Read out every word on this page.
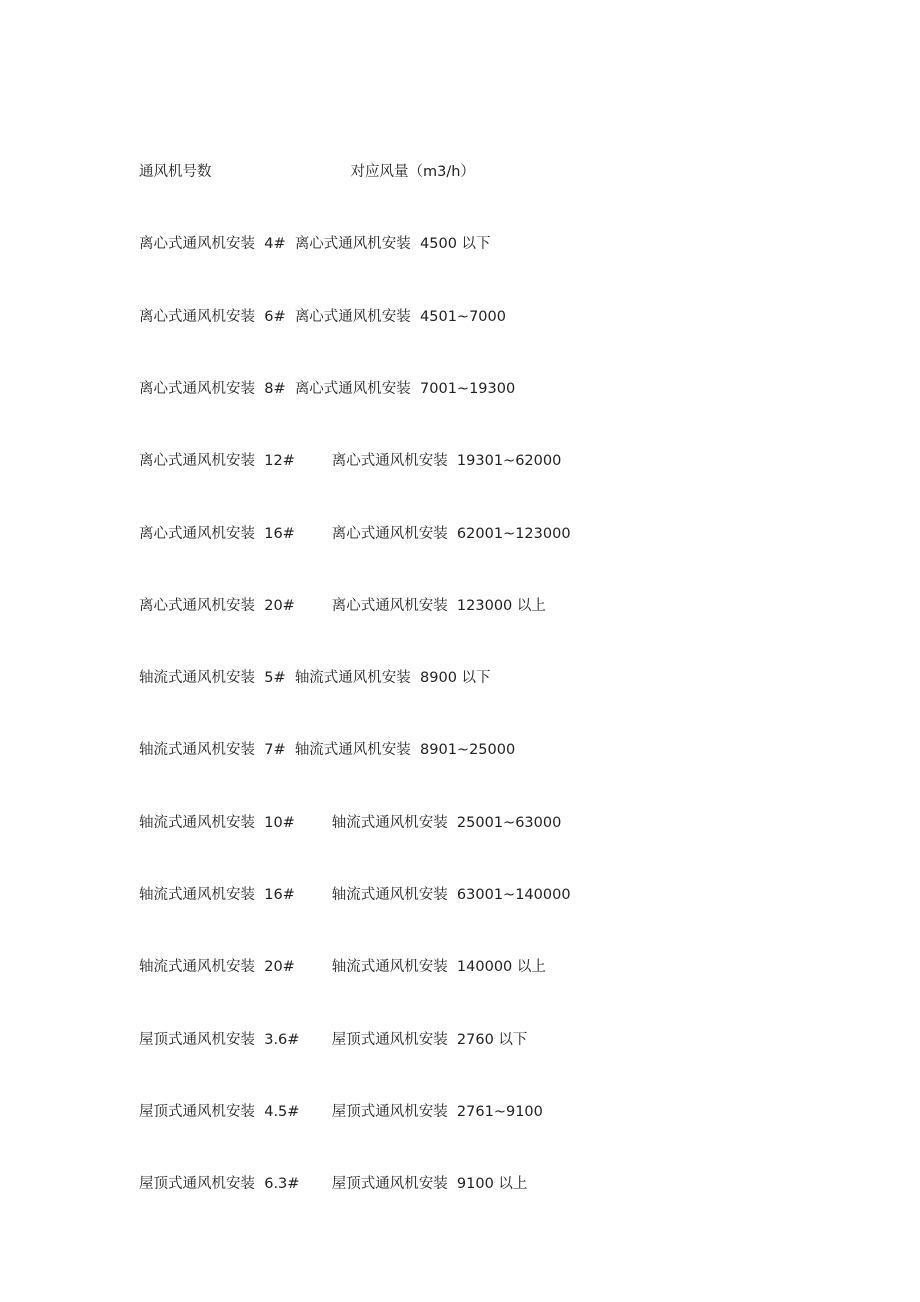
通风机号数	对应风量（m3/h）

离心式通风机安装  4#  离心式通风机安装  4500 以下

离心式通风机安装  6#  离心式通风机安装  4501~7000

离心式通风机安装  8#  离心式通风机安装  7001~19300

离心式通风机安装  12#        离心式通风机安装  19301~62000

离心式通风机安装  16#        离心式通风机安装  62001~123000

离心式通风机安装  20#        离心式通风机安装  123000 以上

轴流式通风机安装  5#  轴流式通风机安装  8900 以下

轴流式通风机安装  7#  轴流式通风机安装  8901~25000

轴流式通风机安装  10#        轴流式通风机安装  25001~63000

轴流式通风机安装  16#        轴流式通风机安装  63001~140000

轴流式通风机安装  20#        轴流式通风机安装  140000 以上

屋顶式通风机安装  3.6#       屋顶式通风机安装  2760 以下

屋顶式通风机安装  4.5#       屋顶式通风机安装  2761~9100

屋顶式通风机安装  6.3#       屋顶式通风机安装  9100 以上
